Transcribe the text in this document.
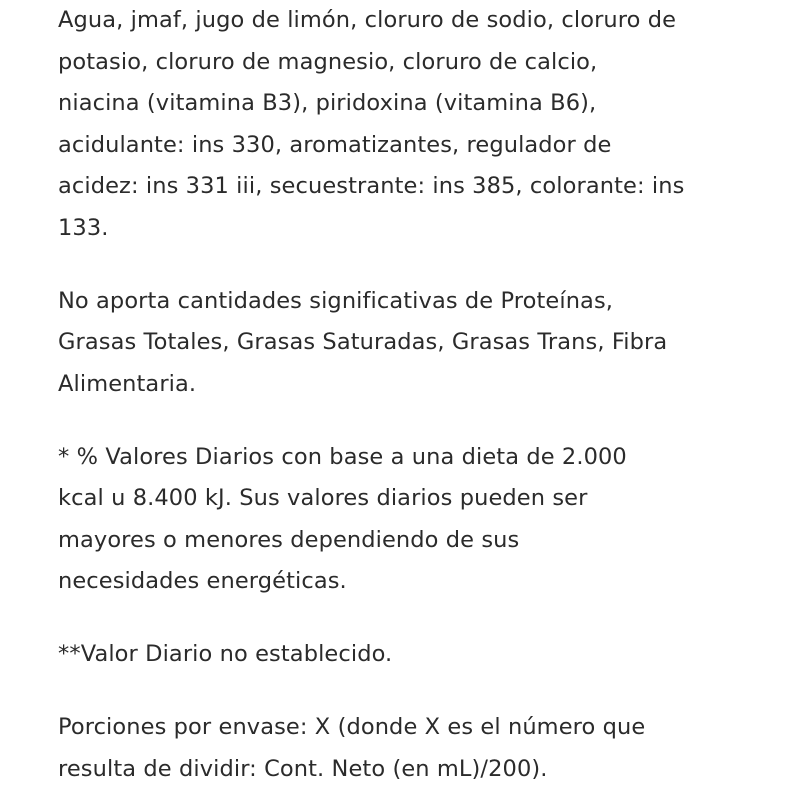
Agua, jmaf, jugo de limón, cloruro de sodio, cloruro de
potasio, cloruro de magnesio, cloruro de calcio,
niacina (vitamina B3), piridoxina (vitamina B6),
acidulante: ins 330, aromatizantes, regulador de
acidez: ins 331 iii, secuestrante: ins 385, colorante: ins
133.
No aporta cantidades significativas de Proteínas,
Grasas Totales, Grasas Saturadas, Grasas Trans, Fibra
Alimentaria.
* % Valores Diarios con base a una dieta de 2.000
kcal u 8.400 kJ. Sus valores diarios pueden ser
mayores o menores dependiendo de sus
necesidades energéticas.
**Valor Diario no establecido.
Porciones por envase: X (donde X es el número que
resulta de dividir: Cont. Neto (en mL)/200).
